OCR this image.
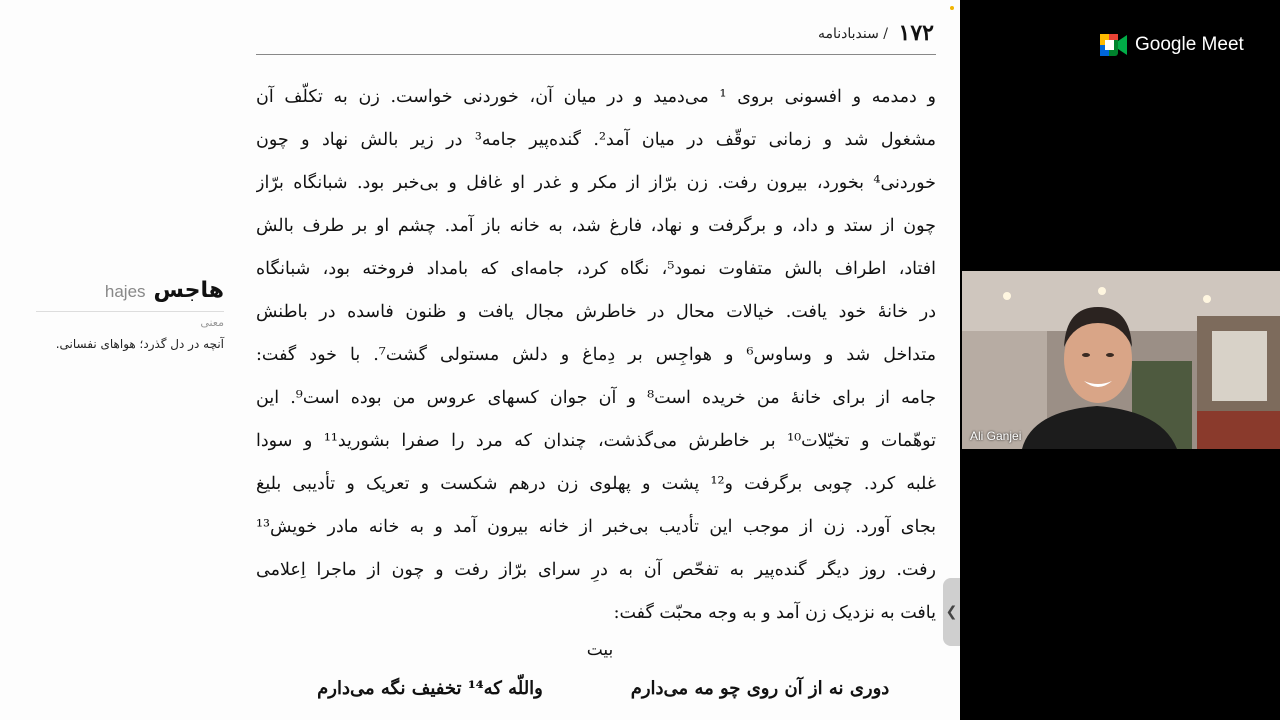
۱۷۲
/ سندبادنامه
و دمدمه و افسونی بروی ¹ می‌دمید و در میان آن، خوردنی خواست. زن به تکلّف آن
مشغول شد و زمانی توقّف در میان آمد². گنده‌پیر جامه³ در زیر بالش نهاد و چون
خوردنی⁴ بخورد، بیرون رفت. زن برّاز از مکر و غدر او غافل و بی‌خبر بود. شبانگاه برّاز
چون از ستد و داد، و برگرفت و نهاد، فارغ شد، به خانه باز آمد. چشم او بر طرف بالش
افتاد، اطراف بالش متفاوت نمود⁵، نگاه کرد، جامه‌ای که بامداد فروخته بود، شبانگاه
در خانهٔ خود یافت. خیالات محال در خاطرش مجال یافت و ظنون فاسده در باطنش
متداخل شد و وساوس⁶ و هواجِس بر دِماغ و دلش مستولی گشت⁷. با خود گفت:
جامه از برای خانهٔ من خریده است⁸ و آن جوان کسهای عروس من بوده است⁹. این
توهّمات و تخیّلات¹⁰ بر خاطرش می‌گذشت، چندان که مرد را صفرا بشورید¹¹ و سودا
غلبه کرد. چوبی برگرفت و¹² پشت و پهلوی زن درهم شکست و تعریک و تأدیبی بلیغ
بجای آورد. زن از موجب این تأدیب بی‌خبر از خانه بیرون آمد و به خانه مادر خویش¹³
رفت. روز دیگر گنده‌پیر به تفحّص آن به درِ سرای برّاز رفت و چون از ماجرا اِعلامی
یافت به نزدیک زن آمد و به وجه محبّت گفت:
بیت
دوری نه از آن روی چو مه می‌دارم
واللّه که¹⁴ تخفیف نگه می‌دارم
هاجس
hajes
معنی
آنچه در دل گذرد؛ هواهای نفسانی.
❮
Google Meet
Ali Ganjei
